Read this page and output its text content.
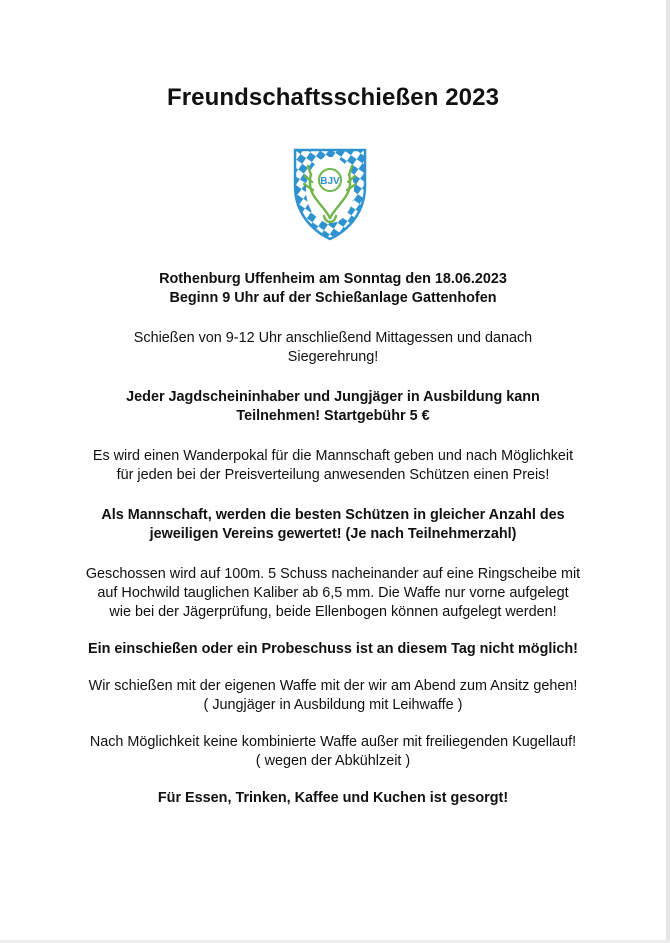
Freundschaftsschießen 2023
BJV

Rothenburg Uffenheim am Sonntag den 18.06.2023

Beginn 9 Uhr auf der Schießanlage Gattenhofen

Schießen von 9-12 Uhr anschließend Mittagessen und danach

Siegerehrung!

Jeder Jagdscheininhaber und Jungjäger in Ausbildung kann

Teilnehmen! Startgebühr 5 €

Es wird einen Wanderpokal für die Mannschaft geben und nach Möglichkeit

für jeden bei der Preisverteilung anwesenden Schützen einen Preis!

Als Mannschaft, werden die besten Schützen in gleicher Anzahl des

jeweiligen Vereins gewertet! (Je nach Teilnehmerzahl)

Geschossen wird auf 100m. 5 Schuss nacheinander auf eine Ringscheibe mit

auf Hochwild tauglichen Kaliber ab 6,5 mm. Die Waffe nur vorne aufgelegt

wie bei der Jägerprüfung, beide Ellenbogen können aufgelegt werden!

Ein einschießen oder ein Probeschuss ist an diesem Tag nicht möglich!

Wir schießen mit der eigenen Waffe mit der wir am Abend zum Ansitz gehen!

( Jungjäger in Ausbildung mit Leihwaffe )

Nach Möglichkeit keine kombinierte Waffe außer mit freiliegenden Kugellauf!

( wegen der Abkühlzeit )

Für Essen, Trinken, Kaffee und Kuchen ist gesorgt!
